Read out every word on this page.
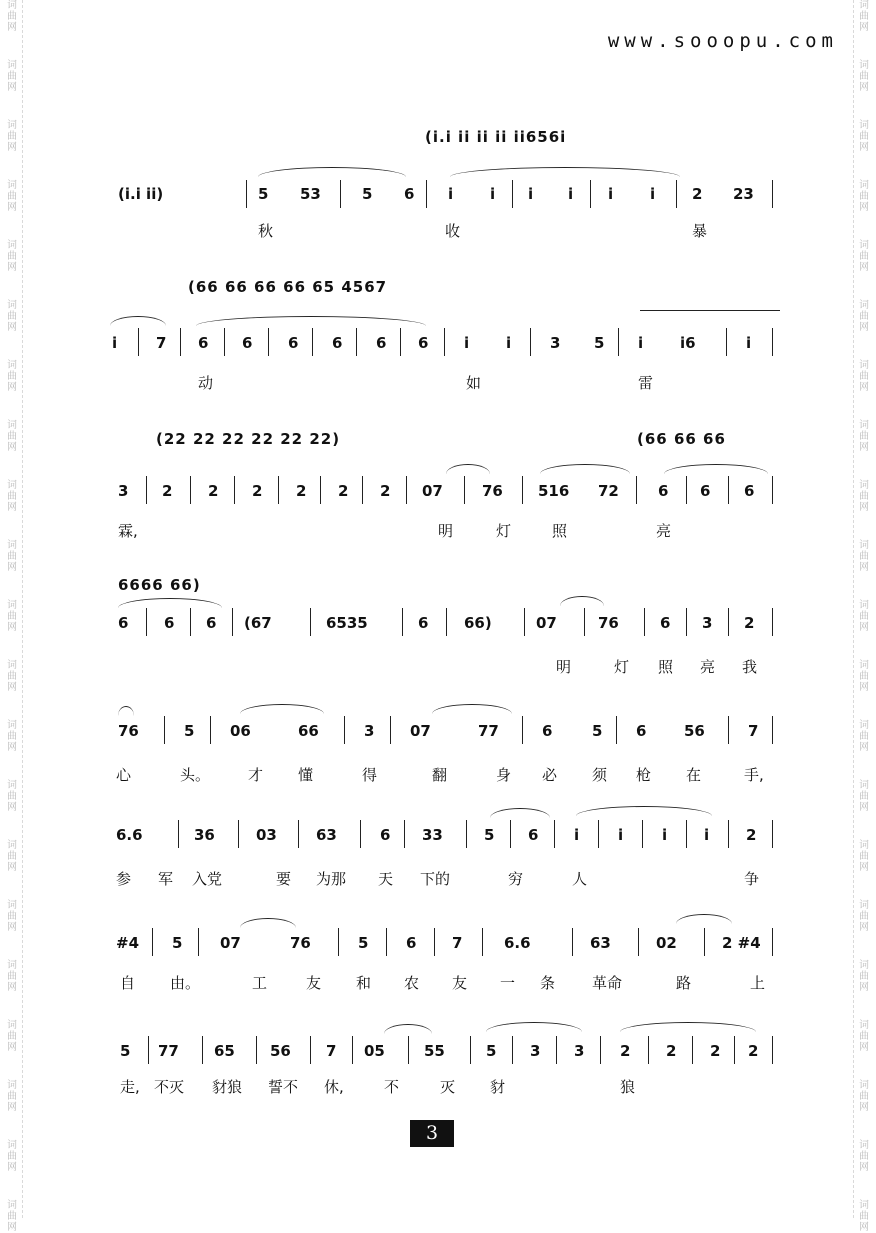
词
曲
网
词
曲
网
词
曲
网
词
曲
网
词
曲
网
词
曲
网
词
曲
网
词
曲
网
词
曲
网
词
曲
网
词
曲
网
词
曲
网
词
曲
网
词
曲
网
词
曲
网
词
曲
网
词
曲
网
词
曲
网
词
曲
网
词
曲
网
词
曲
网
词
曲
网
词
曲
网
词
曲
网
词
曲
网
词
曲
网
词
曲
网
词
曲
网
词
曲
网
词
曲
网
词
曲
网
词
曲
网
词
曲
网
词
曲
网
词
曲
网
词
曲
网
词
曲
网
词
曲
网
词
曲
网
词
曲
网
词
曲
网
词
曲
网
www.sooopu.com
(i.i ii ii ii ii656i
(i.i ii)	5 53	5 6 i i i i i i 2 23
秋	收	暴
(66 66 66 66 65 4567
i	7 6 6 6 6 6 6 i i	3 5 i i6	i
动	如	雷
(22 22 22 22 22 22)	(66 66 66
3 2 2 2 2 2 2 07	76 516 72	6 6 6
霖,	明	灯	照	亮
6666 66)
6 6 6 (67	6535	6 66)	07	76	6 3 2
明	灯 照 亮 我
76	5 06	66	3 07	77	6	5 6	56	7
心	头。	才 懂	得	翻	身 必 须 枪 在	手,
6.6	36	03	63	6 33	5 6 i	i	i i 2
参 军 入党	要 为那 天 下的	穷	人	争
#4 5	07	76	5	6 7	6.6	63	02	2 #4
自 由。	工	友 和 农 友 一 条 革命	路	上
5 77 65 56 7 05	55	5 3 3 2 2 2 2
走, 不灭 豺狼 誓不 休,	不	灭 豺	狼
3
